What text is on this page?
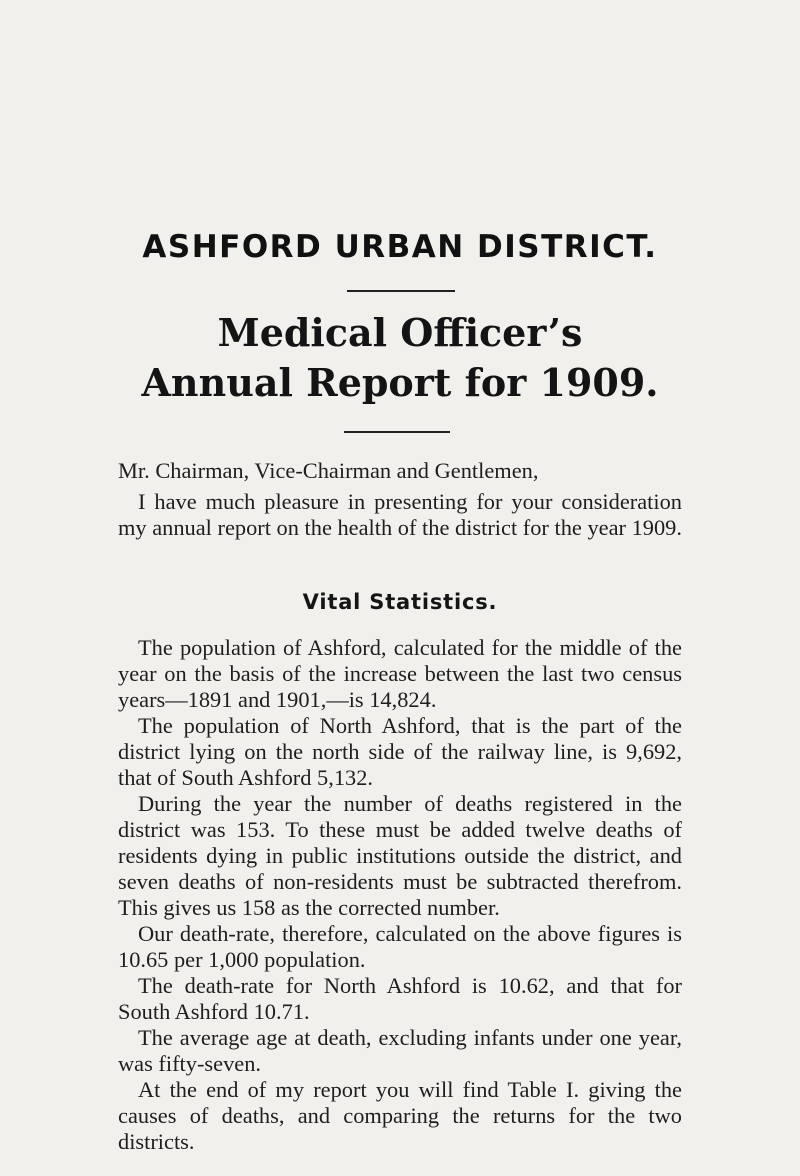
ASHFORD URBAN DISTRICT.
Medical Officer’s
Annual Report for 1909.
Mr. Chairman, Vice-Chairman and Gentlemen,

I have much pleasure in presenting for your consideration my annual report on the health of the district for the year 1909.

Vital Statistics.

The population of Ashford, calculated for the middle of the year on the basis of the increase between the last two census years—1891 and 1901,—is 14,824.

The population of North Ashford, that is the part of the district lying on the north side of the railway line, is 9,692, that of South Ashford 5,132.

During the year the number of deaths registered in the district was 153. To these must be added twelve deaths of residents dying in public institutions outside the district, and seven deaths of non-residents must be subtracted therefrom. This gives us 158 as the corrected number.

Our death-rate, therefore, calculated on the above figures is 10.65 per 1,000 population.

The death-rate for North Ashford is 10.62, and that for South Ashford 10.71.

The average age at death, excluding infants under one year, was fifty-seven.

At the end of my report you will find Table I. giving the causes of deaths, and comparing the returns for the two districts.
